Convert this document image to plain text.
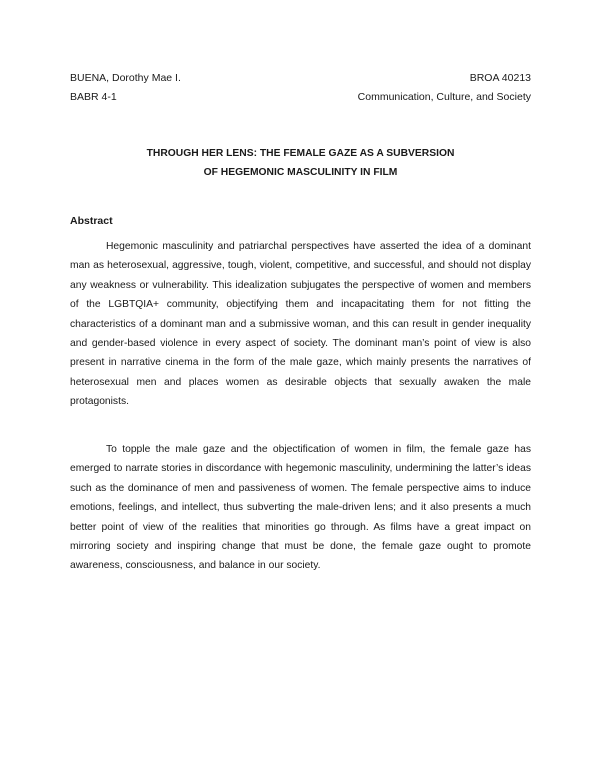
BUENA, Dorothy Mae I.	BROA 40213
BABR 4-1	Communication, Culture, and Society
THROUGH HER LENS: THE FEMALE GAZE AS A SUBVERSION
OF HEGEMONIC MASCULINITY IN FILM
Abstract

Hegemonic masculinity and patriarchal perspectives have asserted the idea of a dominant man as heterosexual, aggressive, tough, violent, competitive, and successful, and should not display any weakness or vulnerability. This idealization subjugates the perspective of women and members of the LGBTQIA+ community, objectifying them and incapacitating them for not fitting the characteristics of a dominant man and a submissive woman, and this can result in gender inequality and gender-based violence in every aspect of society. The dominant man’s point of view is also present in narrative cinema in the form of the male gaze, which mainly presents the narratives of heterosexual men and places women as desirable objects that sexually awaken the male protagonists.

To topple the male gaze and the objectification of women in film, the female gaze has emerged to narrate stories in discordance with hegemonic masculinity, undermining the latter’s ideas such as the dominance of men and passiveness of women. The female perspective aims to induce emotions, feelings, and intellect, thus subverting the male-driven lens; and it also presents a much better point of view of the realities that minorities go through. As films have a great impact on mirroring society and inspiring change that must be done, the female gaze ought to promote awareness, consciousness, and balance in our society.
